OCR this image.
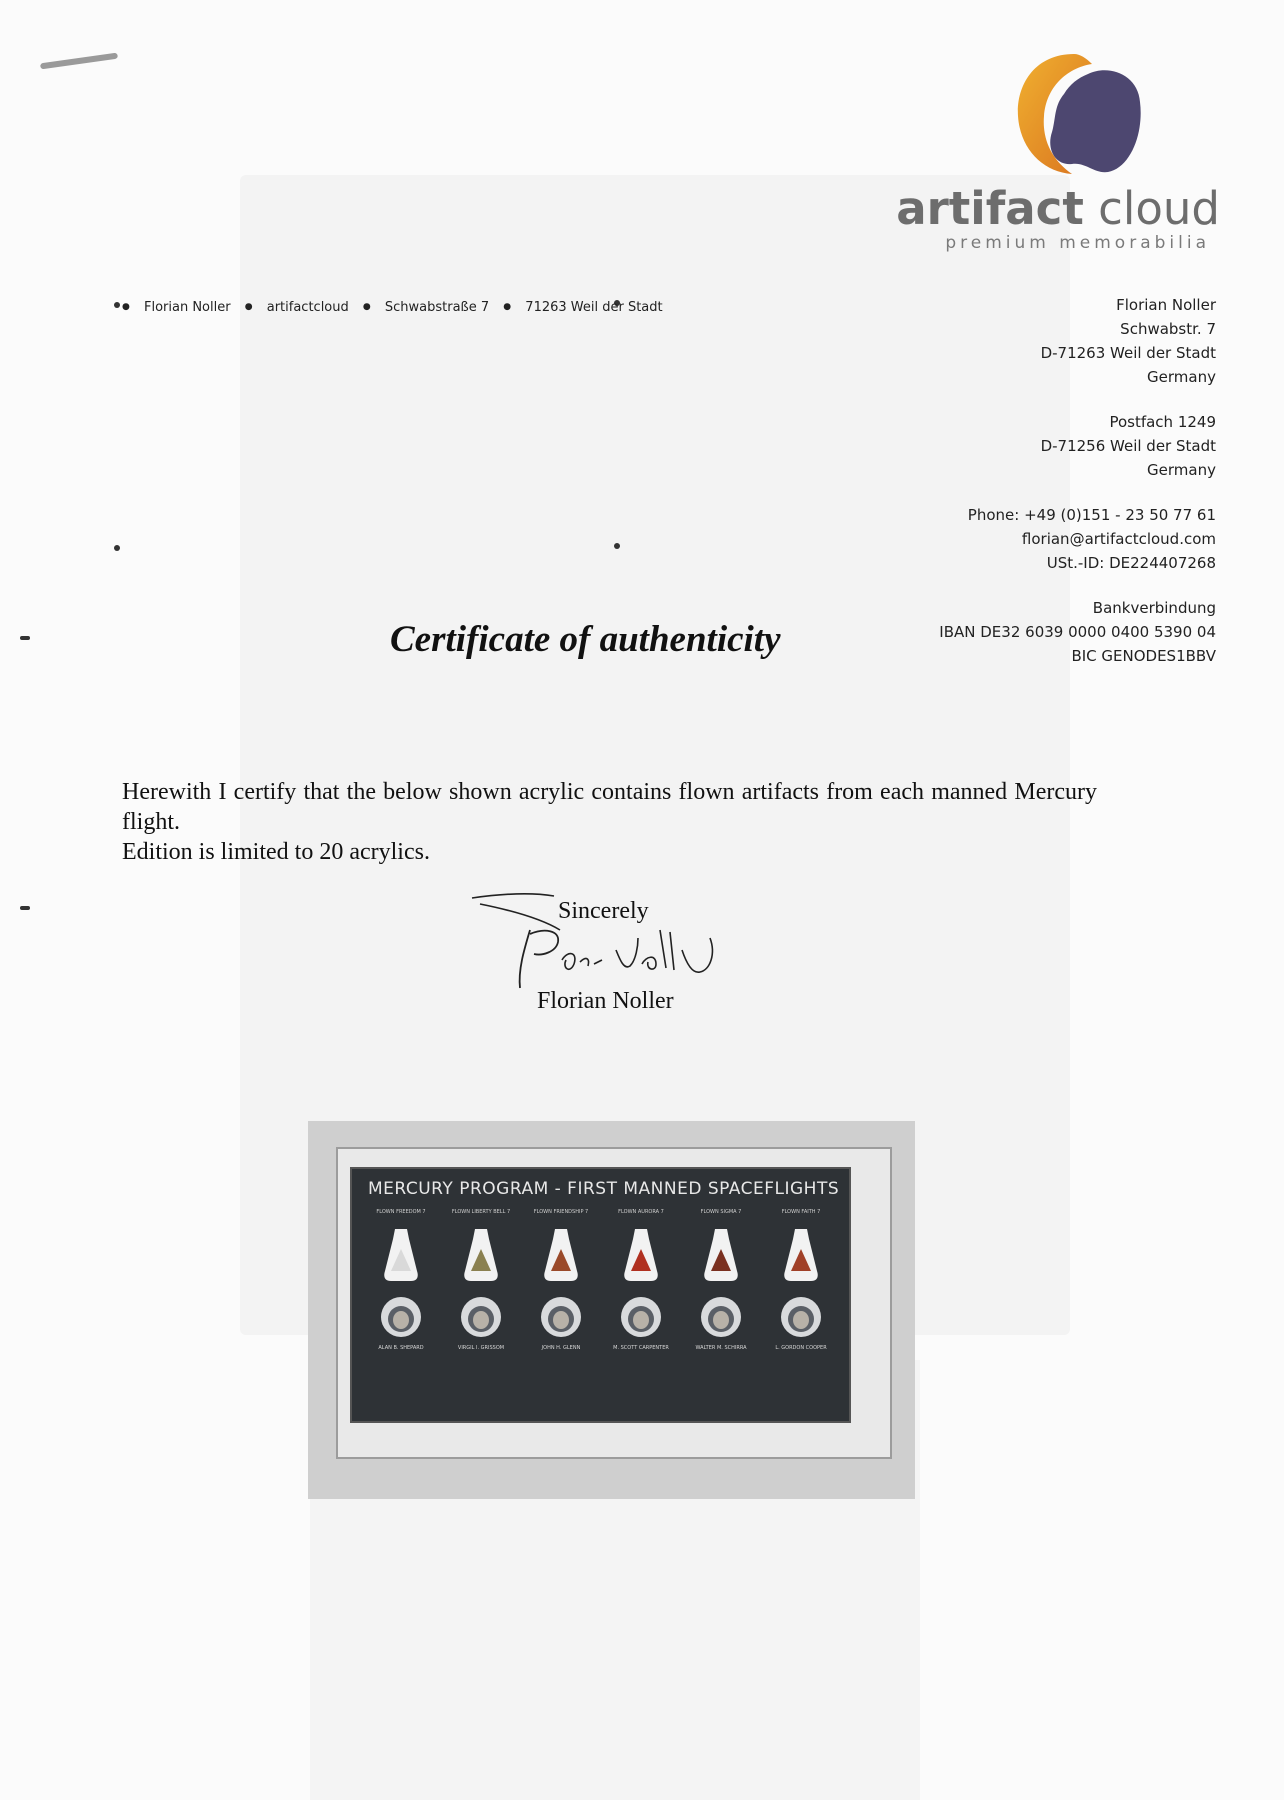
artifact cloud
premium memorabilia
● Florian Noller ● artifactcloud ● Schwabstraße 7 ● 71263 Weil der Stadt	Florian Noller
Schwabstr. 7
D-71263 Weil der Stadt
Germany
Postfach 1249
D-71256 Weil der Stadt
Germany
Phone: +49 (0)151 - 23 50 77 61
florian@artifactcloud.com
USt.-ID: DE224407268
Bankverbindung
IBAN DE32 6039 0000 0400 5390 04
BIC GENODES1BBV
Certificate of authenticity

Herewith I certify that the below shown acrylic contains flown artifacts from each manned Mercury flight.

Edition is limited to 20 acrylics.

Sincerely
Florian Noller
MERCURY PROGRAM - FIRST MANNED SPACEFLIGHTS
FLOWN FREEDOM 7
ALAN B. SHEPARD
FLOWN LIBERTY BELL 7
VIRGIL I. GRISSOM
FLOWN FRIENDSHIP 7
JOHN H. GLENN
FLOWN AURORA 7
M. SCOTT CARPENTER
FLOWN SIGMA 7
WALTER M. SCHIRRA
FLOWN FAITH 7
L. GORDON COOPER
